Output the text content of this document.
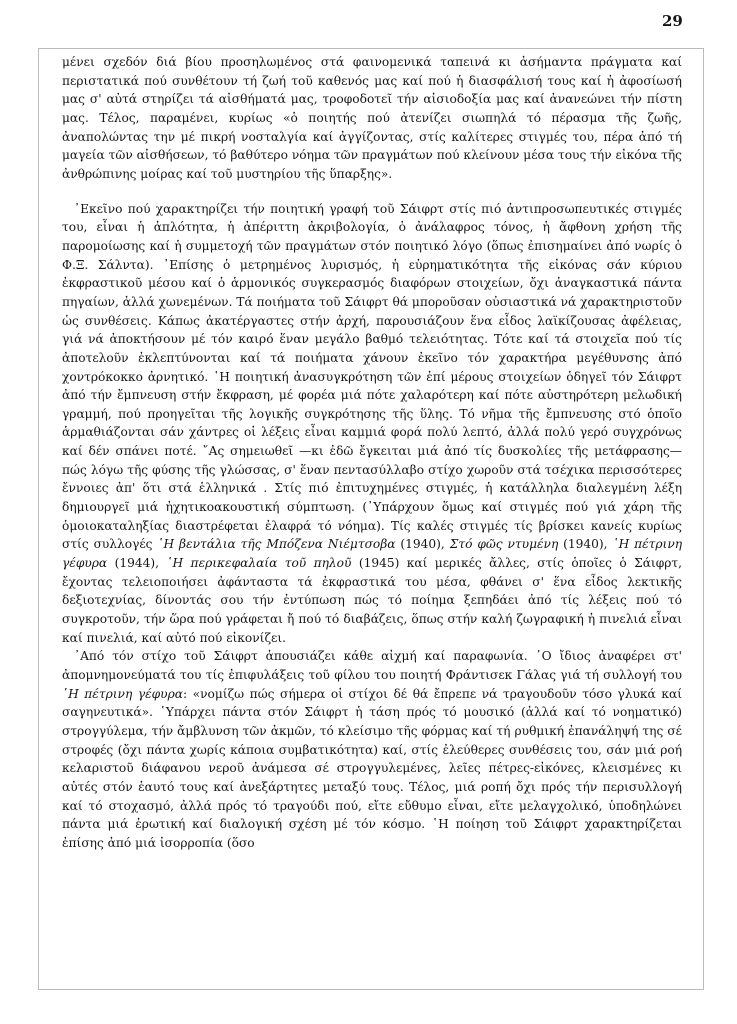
29

μένει σχεδόν διά βίου προσηλωμένος στά φαινομενικά ταπεινά κι ἀσήμαντα πράγματα καί περιστατικά πού συνθέτουν τή ζωή τοῦ καθενός μας καί πού ἡ διασφάλισή τους καί ἡ ἀφοσίωσή μας σ' αὐτά στηρίζει τά αἰσθήματά μας, τροφοδοτεῖ τήν αἰσιοδοξία μας καί ἀνανεώνει τήν πίστη μας. Τέλος, παραμένει, κυρίως «ὁ ποιητής πού ἀτενίζει σιωπηλά τό πέρασμα τῆς ζωῆς, ἀναπολώντας την μέ πικρή νοσταλγία καί ἀγγίζοντας, στίς καλίτερες στιγμές του, πέρα ἀπό τή μαγεία τῶν αἰσθήσεων, τό βαθύτερο νόημα τῶν πραγμάτων πού κλείνουν μέσα τους τήν εἰκόνα τῆς ἀνθρώπινης μοίρας καί τοῦ μυστηρίου τῆς ὕπαρξης».

᾿Εκεῖνο πού χαρακτηρίζει τήν ποιητική γραφή τοῦ Σάιφρτ στίς πιό ἀντιπροσωπευτικές στιγμές του, εἶναι ἡ ἁπλότητα, ἡ ἀπέριττη ἀκριβολογία, ὁ ἀνάλαφρος τόνος, ἡ ἄφθονη χρήση τῆς παρομοίωσης καί ἡ συμμετοχή τῶν πραγμάτων στόν ποιητικό λόγο (ὅπως ἐπισημαίνει ἀπό νωρίς ὁ Φ.Ξ. Σάλντα). ᾿Επίσης ὁ μετρημένος λυρισμός, ἡ εὑρηματικότητα τῆς εἰκόνας σάν κύριου ἐκφραστικοῦ μέσου καί ὁ ἁρμονικός συγκερασμός διαφόρων στοιχείων, ὄχι ἀναγκαστικά πάντα πηγαίων, ἀλλά χωνεμένων. Τά ποιήματα τοῦ Σάιφρτ θά μποροῦσαν οὐσιαστικά νά χαρακτηριστοῦν ὡς συνθέσεις. Κάπως ἀκατέργαστες στήν ἀρχή, παρουσιάζουν ἕνα εἶδος λαϊκίζουσας ἀφέλειας, γιά νά ἀποκτήσουν μέ τόν καιρό ἕναν μεγάλο βαθμό τελειότητας. Τότε καί τά στοιχεῖα πού τίς ἀποτελοῦν ἐκλεπτύνονται καί τά ποιήματα χάνουν ἐκεῖνο τόν χαρακτήρα μεγέθυνσης ἀπό χοντρόκοκκο ἀρνητικό. ῾Η ποιητική ἀνασυγκρότηση τῶν ἐπί μέρους στοιχείων ὁδηγεῖ τόν Σάιφρτ ἀπό τήν ἔμπνευση στήν ἔκφραση, μέ φορέα μιά πότε χαλαρότερη καί πότε αὐστηρότερη μελωδική γραμμή, πού προηγεῖται τῆς λογικῆς συγκρότησης τῆς ὕλης. Τό νῆμα τῆς ἔμπνευσης στό ὁποῖο ἁρμαθιάζονται σάν χάντρες οἱ λέξεις εἶναι καμμιά φορά πολύ λεπτό, ἀλλά πολύ γερό συγχρόνως καί δέν σπάνει ποτέ. ῎Ας σημειωθεῖ —κι ἐδῶ ἔγκειται μιά ἀπό τίς δυσκολίες τῆς μετάφρασης— πώς λόγω τῆς φύσης τῆς γλώσσας, σ' ἕναν πεντασύλλαβο στίχο χωροῦν στά τσέχικα περισσότερες ἔννοιες ἀπ' ὅτι στά ἑλληνικά . Στίς πιό ἐπιτυχημένες στιγμές, ἡ κατάλληλα διαλεγμένη λέξη δημιουργεῖ μιά ἠχητικοακουστική σύμπτωση. (᾿Υπάρχουν ὅμως καί στιγμές πού γιά χάρη τῆς ὁμοιοκαταληξίας διαστρέφεται ἐλαφρά τό νόημα). Τίς καλές στιγμές τίς βρίσκει κανείς κυρίως στίς συλλογές ῾Η βεντάλια τῆς Μπόζενα Νιέμτσοβα (1940), Στό φῶς ντυμένη (1940), ῾Η πέτρινη γέφυρα (1944), ῾Η περικεφαλαία τοῦ πηλοῦ (1945) καί μερικές ἄλλες, στίς ὁποῖες ὁ Σάιφρτ, ἔχοντας τελειοποιήσει ἀφάνταστα τά ἐκφραστικά του μέσα, φθάνει σ' ἕνα εἶδος λεκτικῆς δεξιοτεχνίας, δίνοντάς σου τήν ἐντύπωση πώς τό ποίημα ξεπηδάει ἀπό τίς λέξεις πού τό συγκροτοῦν, τήν ὥρα πού γράφεται ἤ πού τό διαβάζεις, ὅπως στήν καλή ζωγραφική ἡ πινελιά εἶναι καί πινελιά, καί αὐτό πού εἰκονίζει.

᾿Από τόν στίχο τοῦ Σάιφρτ ἀπουσιάζει κάθε αἰχμή καί παραφωνία. ῾Ο ἴδιος ἀναφέρει στ' ἀπομνημονεύματά του τίς ἐπιφυλάξεις τοῦ φίλου του ποιητή Φράντισεκ Γάλας γιά τή συλλογή του ῾Η πέτρινη γέφυρα: «νομίζω πώς σήμερα οἱ στίχοι δέ θά ἔπρεπε νά τραγουδοῦν τόσο γλυκά καί σαγηνευτικά». ῾Υπάρχει πάντα στόν Σάιφρτ ἡ τάση πρός τό μουσικό (ἀλλά καί τό νοηματικό) στρογγύλεμα, τήν ἄμβλυνση τῶν ἀκμῶν, τό κλείσιμο τῆς φόρμας καί τή ρυθμική ἐπανάληψή της σέ στροφές (ὄχι πάντα χωρίς κάποια συμβατικότητα) καί, στίς ἐλεύθερες συνθέσεις του, σάν μιά ροή κελαριστοῦ διάφανου νεροῦ ἀνάμεσα σέ στρογγυλεμένες, λεῖες πέτρες-εἰκόνες, κλεισμένες κι αὐτές στόν ἑαυτό τους καί ἀνεξάρτητες μεταξύ τους. Τέλος, μιά ροπή ὄχι πρός τήν περισυλλογή καί τό στοχασμό, ἀλλά πρός τό τραγούδι πού, εἴτε εὔθυμο εἶναι, εἴτε μελαγχολικό, ὑποδηλώνει πάντα μιά ἐρωτική καί διαλογική σχέση μέ τόν κόσμο. ῾Η ποίηση τοῦ Σάιφρτ χαρακτηρίζεται ἐπίσης ἀπό μιά ἰσορροπία (ὅσο
